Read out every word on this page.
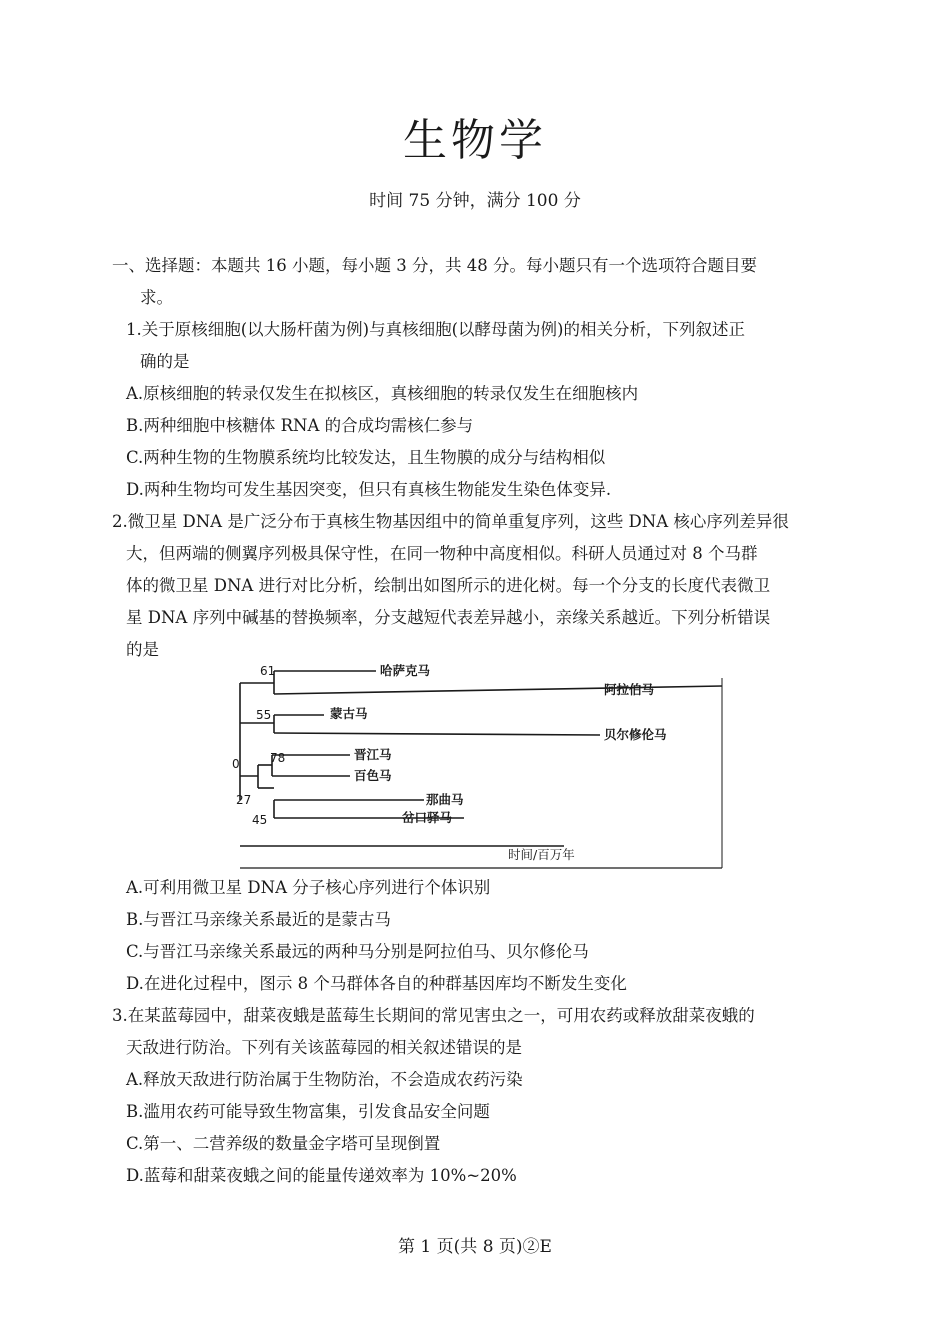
生物学
时间 75 分钟，满分 100 分
一、选择题：本题共 16 小题，每小题 3 分，共 48 分。每小题只有一个选项符合题目要
求。
1.关于原核细胞(以大肠杆菌为例)与真核细胞(以酵母菌为例)的相关分析，下列叙述正
确的是
A.原核细胞的转录仅发生在拟核区，真核细胞的转录仅发生在细胞核内
B.两种细胞中核糖体 RNA 的合成均需核仁参与
C.两种生物的生物膜系统均比较发达，且生物膜的成分与结构相似
D.两种生物均可发生基因突变，但只有真核生物能发生染色体变异.
2.微卫星 DNA 是广泛分布于真核生物基因组中的简单重复序列，这些 DNA 核心序列差异很
大，但两端的侧翼序列极具保守性，在同一物种中高度相似。科研人员通过对 8 个马群
体的微卫星 DNA 进行对比分析，绘制出如图所示的进化树。每一个分支的长度代表微卫
星 DNA 序列中碱基的替换频率，分支越短代表差异越小，亲缘关系越近。下列分析错误
的是
61
55
0	78
27
45
哈萨克马
阿拉伯马
蒙古马
贝尔修伦马
晋江马
百色马
那曲马
岔口驿马
时间/百万年
A.可利用微卫星 DNA 分子核心序列进行个体识别
B.与晋江马亲缘关系最近的是蒙古马
C.与晋江马亲缘关系最远的两种马分别是阿拉伯马、贝尔修伦马
D.在进化过程中，图示 8 个马群体各自的种群基因库均不断发生变化
3.在某蓝莓园中，甜菜夜蛾是蓝莓生长期间的常见害虫之一，可用农药或释放甜菜夜蛾的
天敌进行防治。下列有关该蓝莓园的相关叙述错误的是
A.释放天敌进行防治属于生物防治，不会造成农药污染
B.滥用农药可能导致生物富集，引发食品安全问题
C.第一、二营养级的数量金字塔可呈现倒置
D.蓝莓和甜菜夜蛾之间的能量传递效率为 10%~20%
第 1 页(共 8 页)②E
